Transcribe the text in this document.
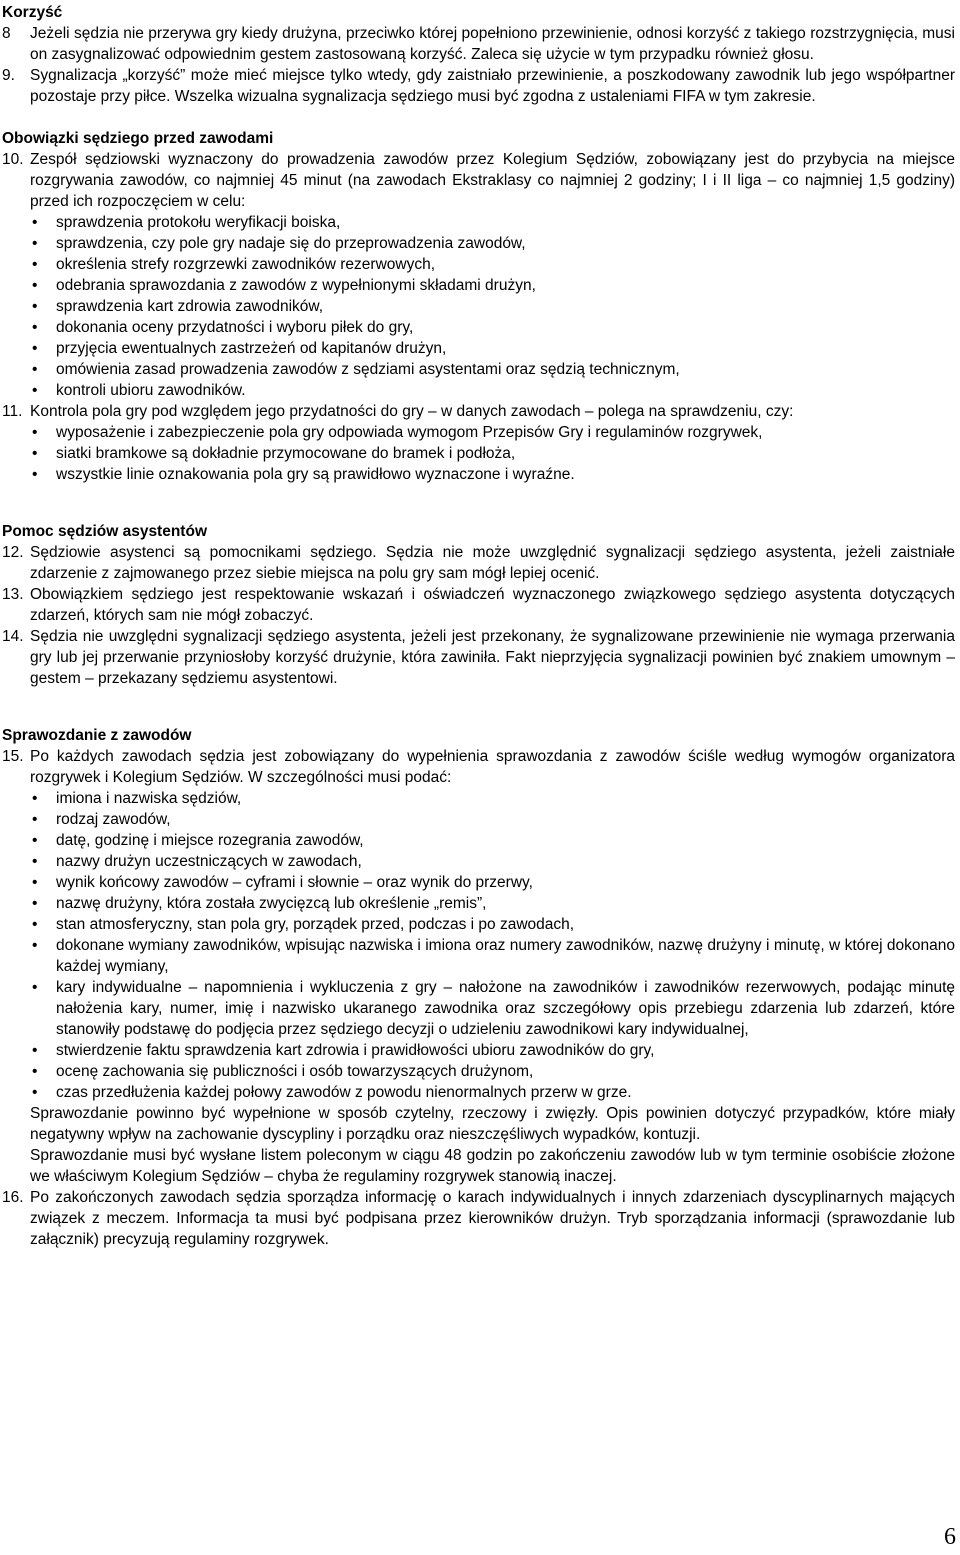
Korzyść

8	Jeżeli sędzia nie przerywa gry kiedy drużyna, przeciwko której popełniono przewinienie, odnosi korzyść z takiego rozstrzygnięcia, musi on zasygnalizować odpowiednim gestem zastosowaną korzyść. Zaleca się użycie w tym przypadku również głosu.
9. Sygnalizacja „korzyść” może mieć miejsce tylko wtedy, gdy zaistniało przewinienie, a poszkodowany zawodnik lub jego współpartner pozostaje przy piłce. Wszelka wizualna sygnalizacja sędziego musi być zgodna z ustaleniami FIFA w tym zakresie.

Obowiązki sędziego przed zawodami

10. Zespół sędziowski wyznaczony do prowadzenia zawodów przez Kolegium Sędziów, zobowiązany jest do przybycia na miejsce rozgrywania zawodów, co najmniej 45 minut (na zawodach Ekstraklasy co najmniej 2 godziny; I i II liga – co najmniej 1,5 godziny) przed ich rozpoczęciem w celu:
•	sprawdzenia protokołu weryfikacji boiska,
•	sprawdzenia, czy pole gry nadaje się do przeprowadzenia zawodów,
•	określenia strefy rozgrzewki zawodników rezerwowych,
•	odebrania sprawozdania z zawodów z wypełnionymi składami drużyn,
•	sprawdzenia kart zdrowia zawodników,
•	dokonania oceny przydatności i wyboru piłek do gry,
•	przyjęcia ewentualnych zastrzeżeń od kapitanów drużyn,
•	omówienia zasad prowadzenia zawodów z sędziami asystentami oraz sędzią technicznym,
•	kontroli ubioru zawodników.
11. Kontrola pola gry pod względem jego przydatności do gry – w danych zawodach – polega na sprawdzeniu, czy:
•	wyposażenie i zabezpieczenie pola gry odpowiada wymogom Przepisów Gry i regulaminów rozgrywek,
•	siatki bramkowe są dokładnie przymocowane do bramek i podłoża,
•	wszystkie linie oznakowania pola gry są prawidłowo wyznaczone i wyraźne.

Pomoc sędziów asystentów

12. Sędziowie asystenci są pomocnikami sędziego. Sędzia nie może uwzględnić sygnalizacji sędziego asystenta, jeżeli zaistniałe zdarzenie z zajmowanego przez siebie miejsca na polu gry sam mógł lepiej ocenić.
13. Obowiązkiem sędziego jest respektowanie wskazań i oświadczeń wyznaczonego związkowego sędziego asystenta dotyczących zdarzeń, których sam nie mógł zobaczyć.
14. Sędzia nie uwzględni sygnalizacji sędziego asystenta, jeżeli jest przekonany, że sygnalizowane przewinienie nie wymaga przerwania gry lub jej przerwanie przyniosłoby korzyść drużynie, która zawiniła. Fakt nieprzyjęcia sygnalizacji powinien być znakiem umownym – gestem – przekazany sędziemu asystentowi.

Sprawozdanie z zawodów

15. Po każdych zawodach sędzia jest zobowiązany do wypełnienia sprawozdania z zawodów ściśle według wymogów organizatora rozgrywek i Kolegium Sędziów. W szczególności musi podać:
•	imiona i nazwiska sędziów,
•	rodzaj zawodów,
•	datę, godzinę i miejsce rozegrania zawodów,
•	nazwy drużyn uczestniczących w zawodach,
•	wynik końcowy zawodów – cyframi i słownie – oraz wynik do przerwy,
•	nazwę drużyny, która została zwycięzcą lub określenie „remis”,
•	stan atmosferyczny, stan pola gry, porządek przed, podczas i po zawodach,
•	dokonane wymiany zawodników, wpisując nazwiska i imiona oraz numery zawodników, nazwę drużyny i minutę, w której dokonano każdej wymiany,
•	kary indywidualne – napomnienia i wykluczenia z gry – nałożone na zawodników i zawodników rezerwowych, podając minutę nałożenia kary, numer, imię i nazwisko ukaranego zawodnika oraz szczegółowy opis przebiegu zdarzenia lub zdarzeń, które stanowiły podstawę do podjęcia przez sędziego decyzji o udzieleniu zawodnikowi kary indywidualnej,
•	stwierdzenie faktu sprawdzenia kart zdrowia i prawidłowości ubioru zawodników do gry,
•	ocenę zachowania się publiczności i osób towarzyszących drużynom,
•	czas przedłużenia każdej połowy zawodów z powodu nienormalnych przerw w grze.

Sprawozdanie powinno być wypełnione w sposób czytelny, rzeczowy i zwięzły. Opis powinien dotyczyć przypadków, które miały negatywny wpływ na zachowanie dyscypliny i porządku oraz nieszczęśliwych wypadków, kontuzji.

Sprawozdanie musi być wysłane listem poleconym w ciągu 48 godzin po zakończeniu zawodów lub w tym terminie osobiście złożone we właściwym Kolegium Sędziów – chyba że regulaminy rozgrywek stanowią inaczej.

16. Po zakończonych zawodach sędzia sporządza informację o karach indywidualnych i innych zdarzeniach dyscyplinarnych mających związek z meczem. Informacja ta musi być podpisana przez kierowników drużyn. Tryb sporządzania informacji (sprawozdanie lub załącznik) precyzują regulaminy rozgrywek.
6
